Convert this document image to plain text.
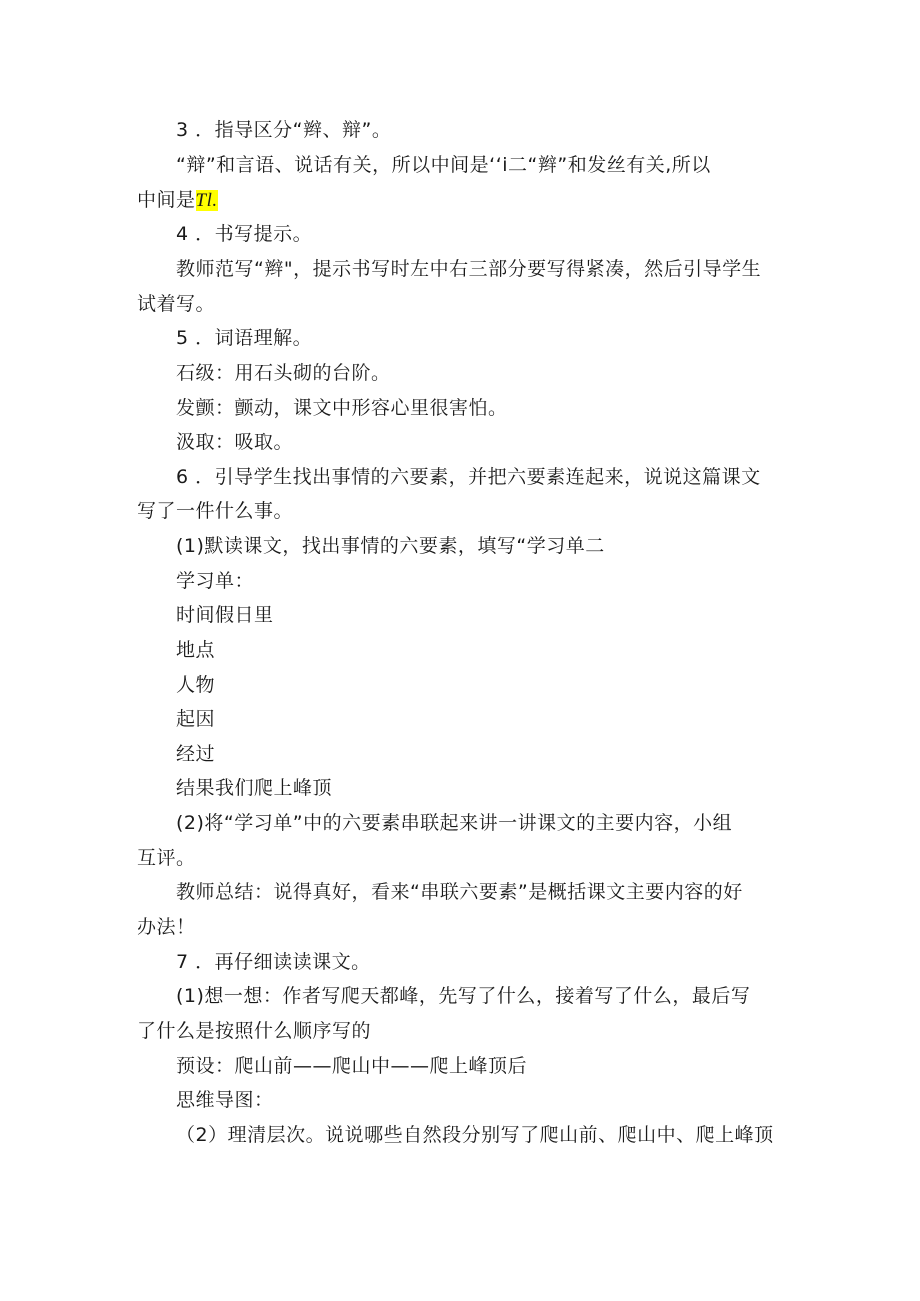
3 ．指导区分“辫、辩”。
“辩”和言语、说话有关，所以中间是‘‘i二“辫”和发丝有关,所以
中间是Tl.
4 ．书写提示。
教师范写“辫"，提示书写时左中右三部分要写得紧凑，然后引导学生
试着写。
5 ．词语理解。
石级：用石头砌的台阶。
发颤：颤动，课文中形容心里很害怕。
汲取：吸取。
6 ．引导学生找出事情的六要素，并把六要素连起来，说说这篇课文
写了一件什么事。
(1)默读课文，找出事情的六要素，填写“学习单二
学习单：
时间假日里
地点
人物
起因
经过
结果我们爬上峰顶
(2)将“学习单”中的六要素串联起来讲一讲课文的主要内容，小组
互评。
教师总结：说得真好，看来“串联六要素”是概括课文主要内容的好
办法！
7 ．再仔细读读课文。
(1)想一想：作者写爬天都峰，先写了什么，接着写了什么，最后写
了什么是按照什么顺序写的
预设：爬山前——爬山中——爬上峰顶后
思维导图：
（2）理清层次。说说哪些自然段分别写了爬山前、爬山中、爬上峰顶
